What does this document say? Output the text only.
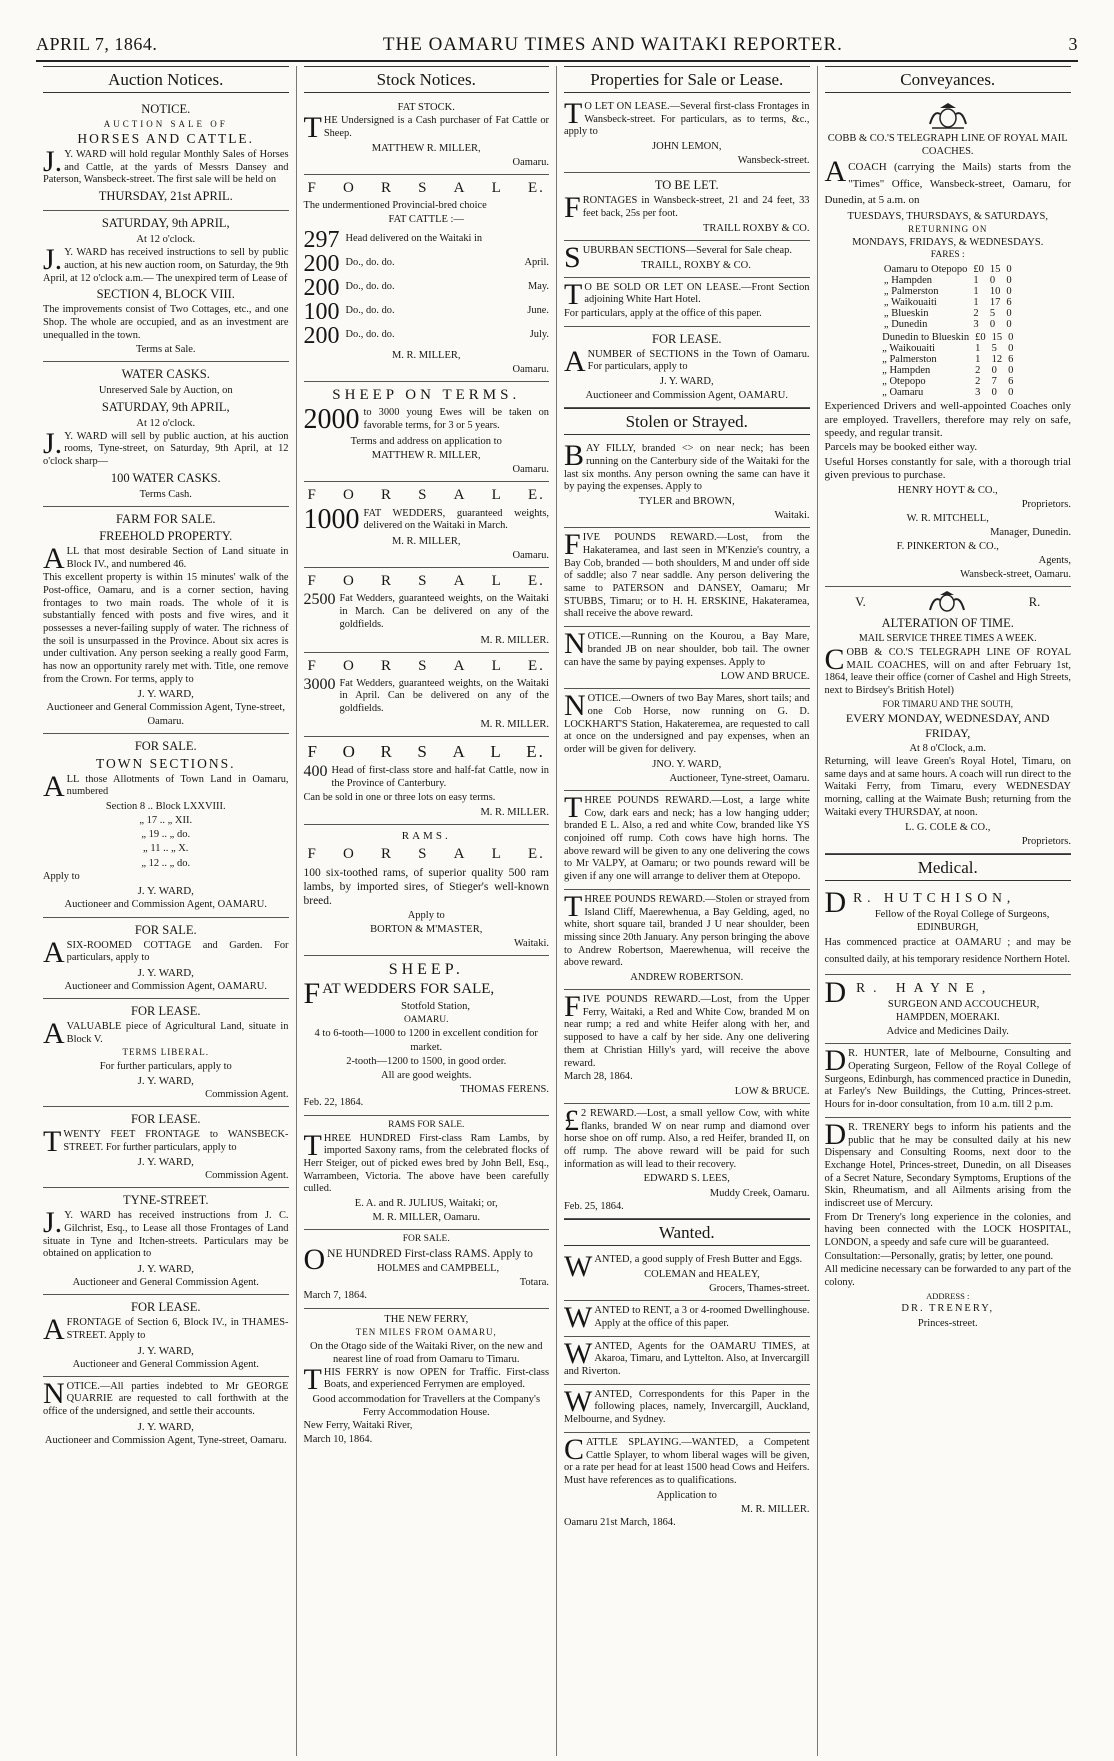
APRIL 7, 1864.	THE OAMARU TIMES AND WAITAKI REPORTER.	3
Auction Notices.
NOTICE.
AUCTION SALE OF
HORSES AND CATTLE.

J.Y. WARD will hold regular Monthly Sales of Horses and Cattle, at the yards of Messrs Dansey and Paterson, Wansbeck-street. The first sale will be held on

THURSDAY, 21st APRIL.
SATURDAY, 9th APRIL,
At 12 o'clock.

J.Y. WARD has received instructions to sell by public auction, at his new auction room, on Saturday, the 9th April, at 12 o'clock a.m.— The unexpired term of Lease of

SECTION 4, BLOCK VIII.

The improvements consist of Two Cottages, etc., and one Shop. The whole are occupied, and as an investment are unequalled in the town.

Terms at Sale.
WATER CASKS.
Unreserved Sale by Auction, on
SATURDAY, 9th APRIL,
At 12 o'clock.

J.Y. WARD will sell by public auction, at his auction rooms, Tyne-street, on Saturday, 9th April, at 12 o'clock sharp—

100 WATER CASKS.
Terms Cash.
FARM FOR SALE.
FREEHOLD PROPERTY.

ALL that most desirable Section of Land situate in Block IV., and numbered 46.

This excellent property is within 15 minutes' walk of the Post-office, Oamaru, and is a corner section, having frontages to two main roads. The whole of it is substantially fenced with posts and five wires, and it possesses a never-failing supply of water. The richness of the soil is unsurpassed in the Province. About six acres is under cultivation. Any person seeking a really good Farm, has now an opportunity rarely met with. Title, one remove from the Crown. For terms, apply to

J. Y. WARD,
Auctioneer and General Commission Agent, Tyne-street, Oamaru.
FOR SALE.
TOWN SECTIONS.

ALL those Allotments of Town Land in Oamaru, numbered

Section 8 .. Block LXXVIII.
„ 17 .. „ XII.
„ 19 .. „ do.
„ 11 .. „ X.
„ 12 .. „ do.
Apply to
J. Y. WARD,
Auctioneer and Commission Agent, OAMARU.
FOR SALE.

ASIX-ROOMED COTTAGE and Garden. For particulars, apply to

J. Y. WARD,
Auctioneer and Commission Agent, OAMARU.
FOR LEASE.

AVALUABLE piece of Agricultural Land, situate in Block V.

TERMS LIBERAL.
For further particulars, apply to
J. Y. WARD,
Commission Agent.
FOR LEASE.

TWENTY FEET FRONTAGE to WANSBECK-STREET. For further particulars, apply to

J. Y. WARD,
Commission Agent.
TYNE-STREET.

J.Y. WARD has received instructions from J. C. Gilchrist, Esq., to Lease all those Frontages of Land situate in Tyne and Itchen-streets. Particulars may be obtained on application to

J. Y. WARD,
Auctioneer and General Commission Agent.
FOR LEASE.

AFRONTAGE of Section 6, Block IV., in THAMES-STREET. Apply to

J. Y. WARD,
Auctioneer and General Commission Agent.

NOTICE.—All parties indebted to Mr GEORGE QUARRIE are requested to call forthwith at the office of the undersigned, and settle their accounts.

J. Y. WARD,
Auctioneer and Commission Agent, Tyne-street, Oamaru.
Stock Notices.
FAT STOCK.

THE Undersigned is a Cash purchaser of Fat Cattle or Sheep.

MATTHEW R. MILLER,
Oamaru.
F O R S A L E.

The undermentioned Provincial-bred choice

FAT CATTLE :—
297 Head delivered on the Waitaki in
200 Do., do. do.	April.
200 Do., do. do.	May.
100 Do., do. do.	June.
200 Do., do. do.	July.
M. R. MILLER,
Oamaru.
SHEEP ON TERMS.
2000 to 3000 young Ewes will be taken on favorable terms, for 3 or 5 years.
Terms and address on application to
MATTHEW R. MILLER,
Oamaru.
F O R S A L E.
1000 FAT WEDDERS, guaranteed weights, delivered on the Waitaki in March.
M. R. MILLER,
Oamaru.
F O R S A L E.
2500 Fat Wedders, guaranteed weights, on the Waitaki in March. Can be delivered on any of the goldfields.
M. R. MILLER.
F O R S A L E.
3000 Fat Wedders, guaranteed weights, on the Waitaki in April. Can be delivered on any of the goldfields.
M. R. MILLER.
F O R S A L E.
400 Head of first-class store and half-fat Cattle, now in the Province of Canterbury.

Can be sold in one or three lots on easy terms.

M. R. MILLER.
RAMS.
F O R S A L E.

100 six-toothed rams, of superior quality 500 ram lambs, by imported sires, of Stieger's well-known breed.

Apply to
BORTON & M'MASTER,
Waitaki.
SHEEP.
FAT WEDDERS FOR SALE,
Stotfold Station,
OAMARU.
4 to 6-tooth—1000 to 1200 in excellent condition for market.
2-tooth—1200 to 1500, in good order.
All are good weights.
THOMAS FERENS.
Feb. 22, 1864.
RAMS FOR SALE.

THREE HUNDRED First-class Ram Lambs, by imported Saxony rams, from the celebrated flocks of Herr Steiger, out of picked ewes bred by John Bell, Esq., Warrambeen, Victoria. The above have been carefully culled.

E. A. and R. JULIUS, Waitaki; or,
M. R. MILLER, Oamaru.
FOR SALE.

ONE HUNDRED First-class RAMS. Apply to

HOLMES and CAMPBELL,
Totara.
March 7, 1864.
THE NEW FERRY,
TEN MILES FROM OAMARU,

On the Otago side of the Waitaki River, on the new and nearest line of road from Oamaru to Timaru.

THIS FERRY is now OPEN for Traffic. First-class Boats, and experienced Ferrymen are employed.

Good accommodation for Travellers at the Company's Ferry Accommodation House.

New Ferry, Waitaki River,
March 10, 1864.
Properties for Sale or Lease.

TO LET ON LEASE.—Several first-class Frontages in Wansbeck-street. For particulars, as to terms, &c., apply to

JOHN LEMON,
Wansbeck-street.
TO BE LET.

FRONTAGES in Wansbeck-street, 21 and 24 feet, 33 feet back, 25s per foot.

TRAILL ROXBY & CO.

SUBURBAN SECTIONS—Several for Sale cheap.

TRAILL, ROXBY & CO.

TO BE SOLD OR LET ON LEASE.—Front Section adjoining White Hart Hotel.

For particulars, apply at the office of this paper.

FOR LEASE.

ANUMBER of SECTIONS in the Town of Oamaru. For particulars, apply to

J. Y. WARD,
Auctioneer and Commission Agent, OAMARU.
Stolen or Strayed.

BAY FILLY, branded <> on near neck; has been running on the Canterbury side of the Waitaki for the last six months. Any person owning the same can have it by paying the expenses. Apply to

TYLER and BROWN,
Waitaki.

FIVE POUNDS REWARD.—Lost, from the Hakateramea, and last seen in M'Kenzie's country, a Bay Cob, branded — both shoulders, M and under off side of saddle; also 7 near saddle. Any person delivering the same to PATERSON and DANSEY, Oamaru; Mr STUBBS, Timaru; or to H. H. ERSKINE, Hakateramea, shall receive the above reward.

NOTICE.—Running on the Kourou, a Bay Mare, branded JB on near shoulder, bob tail. The owner can have the same by paying expenses. Apply to

LOW AND BRUCE.

NOTICE.—Owners of two Bay Mares, short tails; and one Cob Horse, now running on G. D. LOCKHART'S Station, Hakateremea, are requested to call at once on the undersigned and pay expenses, when an order will be given for delivery.

JNO. Y. WARD,
Auctioneer, Tyne-street, Oamaru.

THREE POUNDS REWARD.—Lost, a large white Cow, dark ears and neck; has a low hanging udder; branded E L. Also, a red and white Cow, branded like YS conjoined off rump. Coth cows have high horns. The above reward will be given to any one delivering the cows to Mr VALPY, at Oamaru; or two pounds reward will be given if any one will arrange to deliver them at Otepopo.

THREE POUNDS REWARD.—Stolen or strayed from Island Cliff, Maerewhenua, a Bay Gelding, aged, no white, short square tail, branded J U near shoulder, been missing since 20th January. Any person bringing the above to Andrew Robertson, Maerewhenua, will receive the above reward.

ANDREW ROBERTSON.

FIVE POUNDS REWARD.—Lost, from the Upper Ferry, Waitaki, a Red and White Cow, branded M on near rump; a red and white Heifer along with her, and supposed to have a calf by her side. Any one delivering them at Christian Hilly's yard, will receive the above reward.

March 28, 1864.
LOW & BRUCE.

£2 REWARD.—Lost, a small yellow Cow, with white flanks, branded W on near rump and diamond over horse shoe on off rump. Also, a red Heifer, branded II, on off rump. The above reward will be paid for such information as will lead to their recovery.

EDWARD S. LEES,
Muddy Creek, Oamaru.
Feb. 25, 1864.
Wanted.

WANTED, a good supply of Fresh Butter and Eggs.

COLEMAN and HEALEY,
Grocers, Thames-street.

WANTED to RENT, a 3 or 4-roomed Dwellinghouse. Apply at the office of this paper.

WANTED, Agents for the OAMARU TIMES, at Akaroa, Timaru, and Lyttelton. Also, at Invercargill and Riverton.

WANTED, Correspondents for this Paper in the following places, namely, Invercargill, Auckland, Melbourne, and Sydney.

CATTLE SPLAYING.—WANTED, a Competent Cattle Splayer, to whom liberal wages will be given, or a rate per head for at least 1500 head Cows and Heifers. Must have references as to qualifications.

Application to
M. R. MILLER.
Oamaru 21st March, 1864.
Conveyances.
COBB & CO.'S TELEGRAPH LINE OF ROYAL MAIL COACHES.

ACOACH (carrying the Mails) starts from the "Times" Office, Wansbeck-street, Oamaru, for Dunedin, at 5 a.m. on

TUESDAYS, THURSDAYS, & SATURDAYS,
RETURNING ON
MONDAYS, FRIDAYS, & WEDNESDAYS.
FARES :
Oamaru to Otepopo	£0	15	0
„ Hampden	1	0	0
„ Palmerston	1	10	0
„ Waikouaiti	1	17	6
„ Blueskin	2	5	0
„ Dunedin	3	0	0
Dunedin to Blueskin	£0	15	0
„ Waikouaiti	1	5	0
„ Palmerston	1	12	6
„ Hampden	2	0	0
„ Otepopo	2	7	6
„ Oamaru	3	0	0

Experienced Drivers and well-appointed Coaches only are employed. Travellers, therefore may rely on safe, speedy, and regular transit.

Parcels may be booked either way.

Useful Horses constantly for sale, with a thorough trial given previous to purchase.

HENRY HOYT & CO.,
Proprietors.
W. R. MITCHELL,
Manager, Dunedin.
F. PINKERTON & CO.,
Agents,
Wansbeck-street, Oamaru.
V.	R.
ALTERATION OF TIME.
MAIL SERVICE THREE TIMES A WEEK.

COBB & CO.'S TELEGRAPH LINE OF ROYAL MAIL COACHES, will on and after February 1st, 1864, leave their office (corner of Cashel and High Streets, next to Birdsey's British Hotel)

FOR TIMARU AND THE SOUTH,
EVERY MONDAY, WEDNESDAY, AND FRIDAY,
At 8 o'Clock, a.m.

Returning, will leave Green's Royal Hotel, Timaru, on same days and at same hours. A coach will run direct to the Waitaki Ferry, from Timaru, every WEDNESDAY morning, calling at the Waimate Bush; returning from the Waitaki every THURSDAY, at noon.

L. G. COLE & CO.,
Proprietors.
Medical.
DR. HUTCHISON,
Fellow of the Royal College of Surgeons,
EDINBURGH,

Has commenced practice at OAMARU ; and may be consulted daily, at his temporary residence Northern Hotel.

DR. HAYNE,
SURGEON AND ACCOUCHEUR,
HAMPDEN, MOERAKI.
Advice and Medicines Daily.

DR. HUNTER, late of Melbourne, Consulting and Operating Surgeon, Fellow of the Royal College of Surgeons, Edinburgh, has commenced practice in Dunedin, at Farley's New Buildings, the Cutting, Princes-street. Hours for in-door consultation, from 10 a.m. till 2 p.m.

DR. TRENERY begs to inform his patients and the public that he may be consulted daily at his new Dispensary and Consulting Rooms, next door to the Exchange Hotel, Princes-street, Dunedin, on all Diseases of a Secret Nature, Secondary Symptoms, Eruptions of the Skin, Rheumatism, and all Ailments arising from the indiscreet use of Mercury.

From Dr Trenery's long experience in the colonies, and having been connected with the LOCK HOSPITAL, LONDON, a speedy and safe cure will be guaranteed.

Consultation:—Personally, gratis; by letter, one pound.

All medicine necessary can be forwarded to any part of the colony.

ADDRESS :
DR. TRENERY,
Princes-street.
